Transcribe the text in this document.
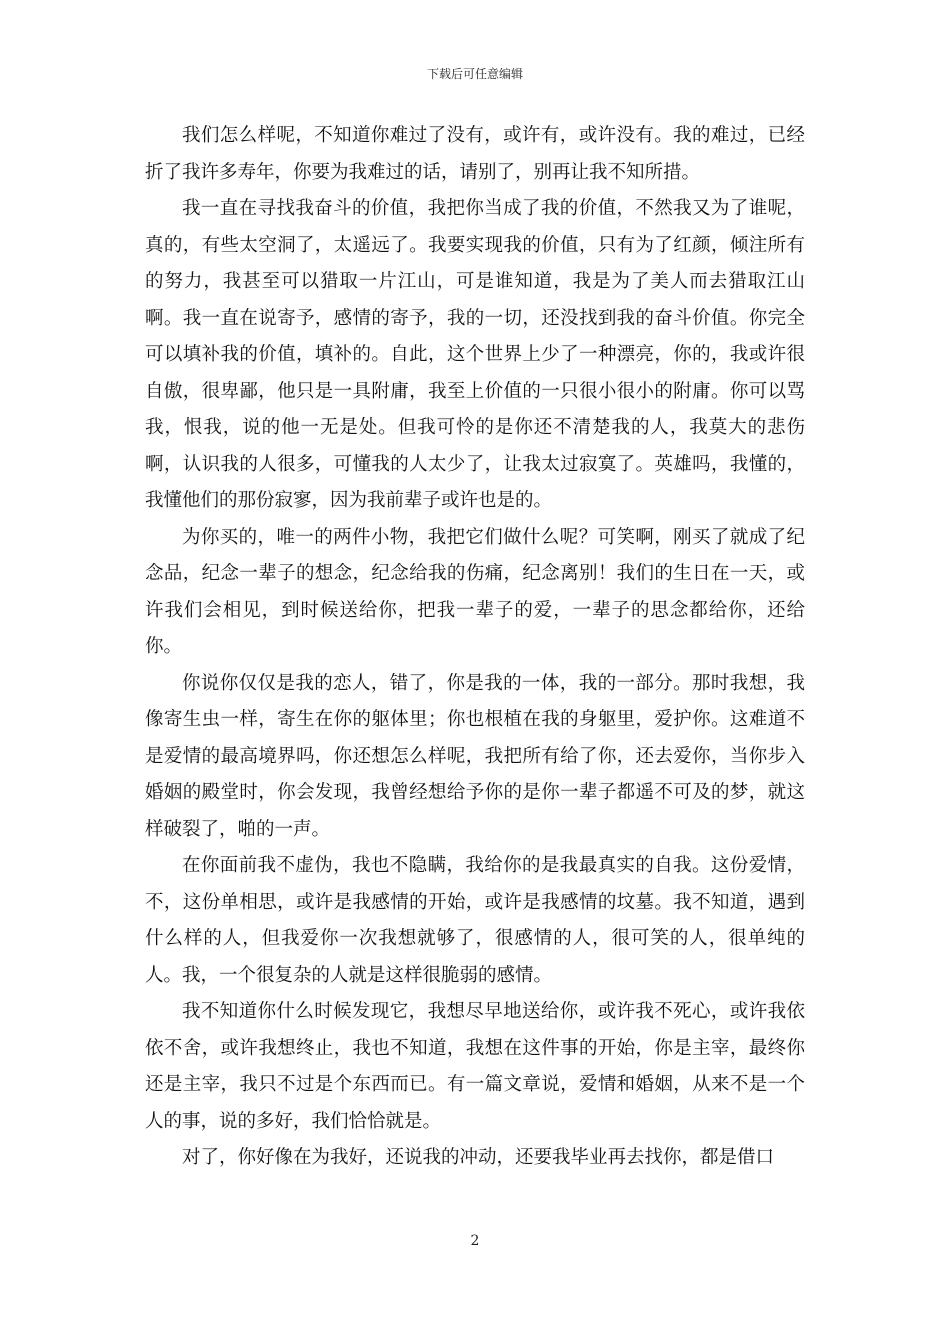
下载后可任意编辑

我们怎么样呢，不知道你难过了没有，或许有，或许没有。我的难过，已经折了我许多寿年，你要为我难过的话，请别了，别再让我不知所措。

我一直在寻找我奋斗的价值，我把你当成了我的价值，不然我又为了谁呢，真的，有些太空洞了，太遥远了。我要实现我的价值，只有为了红颜，倾注所有的努力，我甚至可以猎取一片江山，可是谁知道，我是为了美人而去猎取江山啊。我一直在说寄予，感情的寄予，我的一切，还没找到我的奋斗价值。你完全可以填补我的价值，填补的。自此，这个世界上少了一种漂亮，你的，我或许很自傲，很卑鄙，他只是一具附庸，我至上价值的一只很小很小的附庸。你可以骂我，恨我，说的他一无是处。但我可怜的是你还不清楚我的人，我莫大的悲伤啊，认识我的人很多，可懂我的人太少了，让我太过寂寞了。英雄吗，我懂的，我懂他们的那份寂寥，因为我前辈子或许也是的。

为你买的，唯一的两件小物，我把它们做什么呢？可笑啊，刚买了就成了纪念品，纪念一辈子的想念，纪念给我的伤痛，纪念离别！我们的生日在一天，或许我们会相见，到时候送给你，把我一辈子的爱，一辈子的思念都给你，还给你。

你说你仅仅是我的恋人，错了，你是我的一体，我的一部分。那时我想，我像寄生虫一样，寄生在你的躯体里；你也根植在我的身躯里，爱护你。这难道不是爱情的最高境界吗，你还想怎么样呢，我把所有给了你，还去爱你，当你步入婚姻的殿堂时，你会发现，我曾经想给予你的是你一辈子都遥不可及的梦，就这样破裂了，啪的一声。

在你面前我不虚伪，我也不隐瞒，我给你的是我最真实的自我。这份爱情，不，这份单相思，或许是我感情的开始，或许是我感情的坟墓。我不知道，遇到什么样的人，但我爱你一次我想就够了，很感情的人，很可笑的人，很单纯的人。我，一个很复杂的人就是这样很脆弱的感情。

我不知道你什么时候发现它，我想尽早地送给你，或许我不死心，或许我依依不舍，或许我想终止，我也不知道，我想在这件事的开始，你是主宰，最终你还是主宰，我只不过是个东西而已。有一篇文章说，爱情和婚姻，从来不是一个人的事，说的多好，我们恰恰就是。

对了，你好像在为我好，还说我的冲动，还要我毕业再去找你，都是借口

2
